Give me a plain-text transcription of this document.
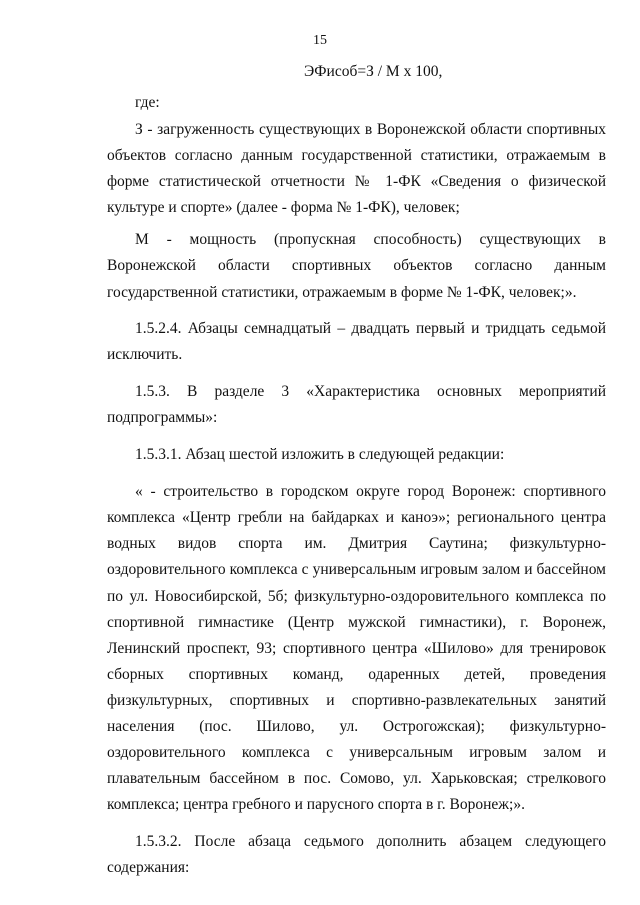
15
ЭФисоб=З / М х 100,
где:

З - загруженность существующих в Воронежской области спортивных объектов согласно данным государственной статистики, отражаемым в форме статистической отчетности № 1-ФК «Сведения о физической культуре и спорте» (далее - форма № 1-ФК), человек;

М - мощность (пропускная способность) существующих в Воронежской области спортивных объектов согласно данным государственной статистики, отражаемым в форме № 1-ФК, человек;».

1.5.2.4. Абзацы семнадцатый – двадцать первый и тридцать седьмой исключить.

1.5.3. В разделе 3 «Характеристика основных мероприятий подпрограммы»:

1.5.3.1. Абзац шестой изложить в следующей редакции:

« - строительство в городском округе город Воронеж: спортивного комплекса «Центр гребли на байдарках и каноэ»; регионального центра водных видов спорта им. Дмитрия Саутина; физкультурно-оздоровительного комплекса с универсальным игровым залом и бассейном по ул. Новосибирской, 5б; физкультурно-оздоровительного комплекса по спортивной гимнастике (Центр мужской гимнастики), г. Воронеж, Ленинский проспект, 93; спортивного центра «Шилово» для тренировок сборных спортивных команд, одаренных детей, проведения физкультурных, спортивных и спортивно-развлекательных занятий населения (пос. Шилово, ул. Острогожская); физкультурно-оздоровительного комплекса с универсальным игровым залом и плавательным бассейном в пос. Сомово, ул. Харьковская; стрелкового комплекса; центра гребного и парусного спорта в г. Воронеж;».

1.5.3.2. После абзаца седьмого дополнить абзацем следующего содержания:
